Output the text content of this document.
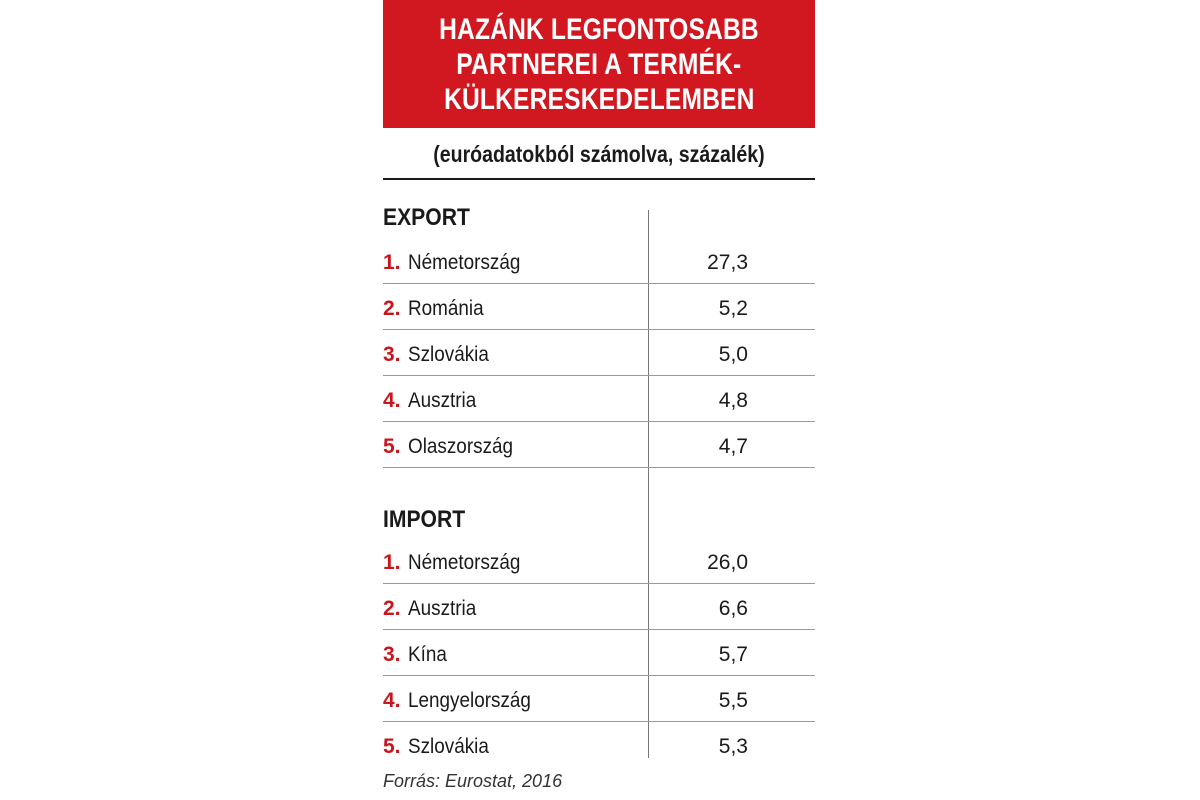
HAZÁNK LEGFONTOSABB
PARTNEREI A TERMÉK-
KÜLKERESKEDELEMBEN
(euróadatokból számolva, százalék)
EXPORT
1. Németország	27,3
2. Románia	5,2
3. Szlovákia	5,0
4. Ausztria	4,8
5. Olaszország	4,7
IMPORT
1. Németország	26,0
2. Ausztria	6,6
3. Kína	5,7
4. Lengyelország	5,5
5. Szlovákia	5,3
Forrás: Eurostat, 2016
